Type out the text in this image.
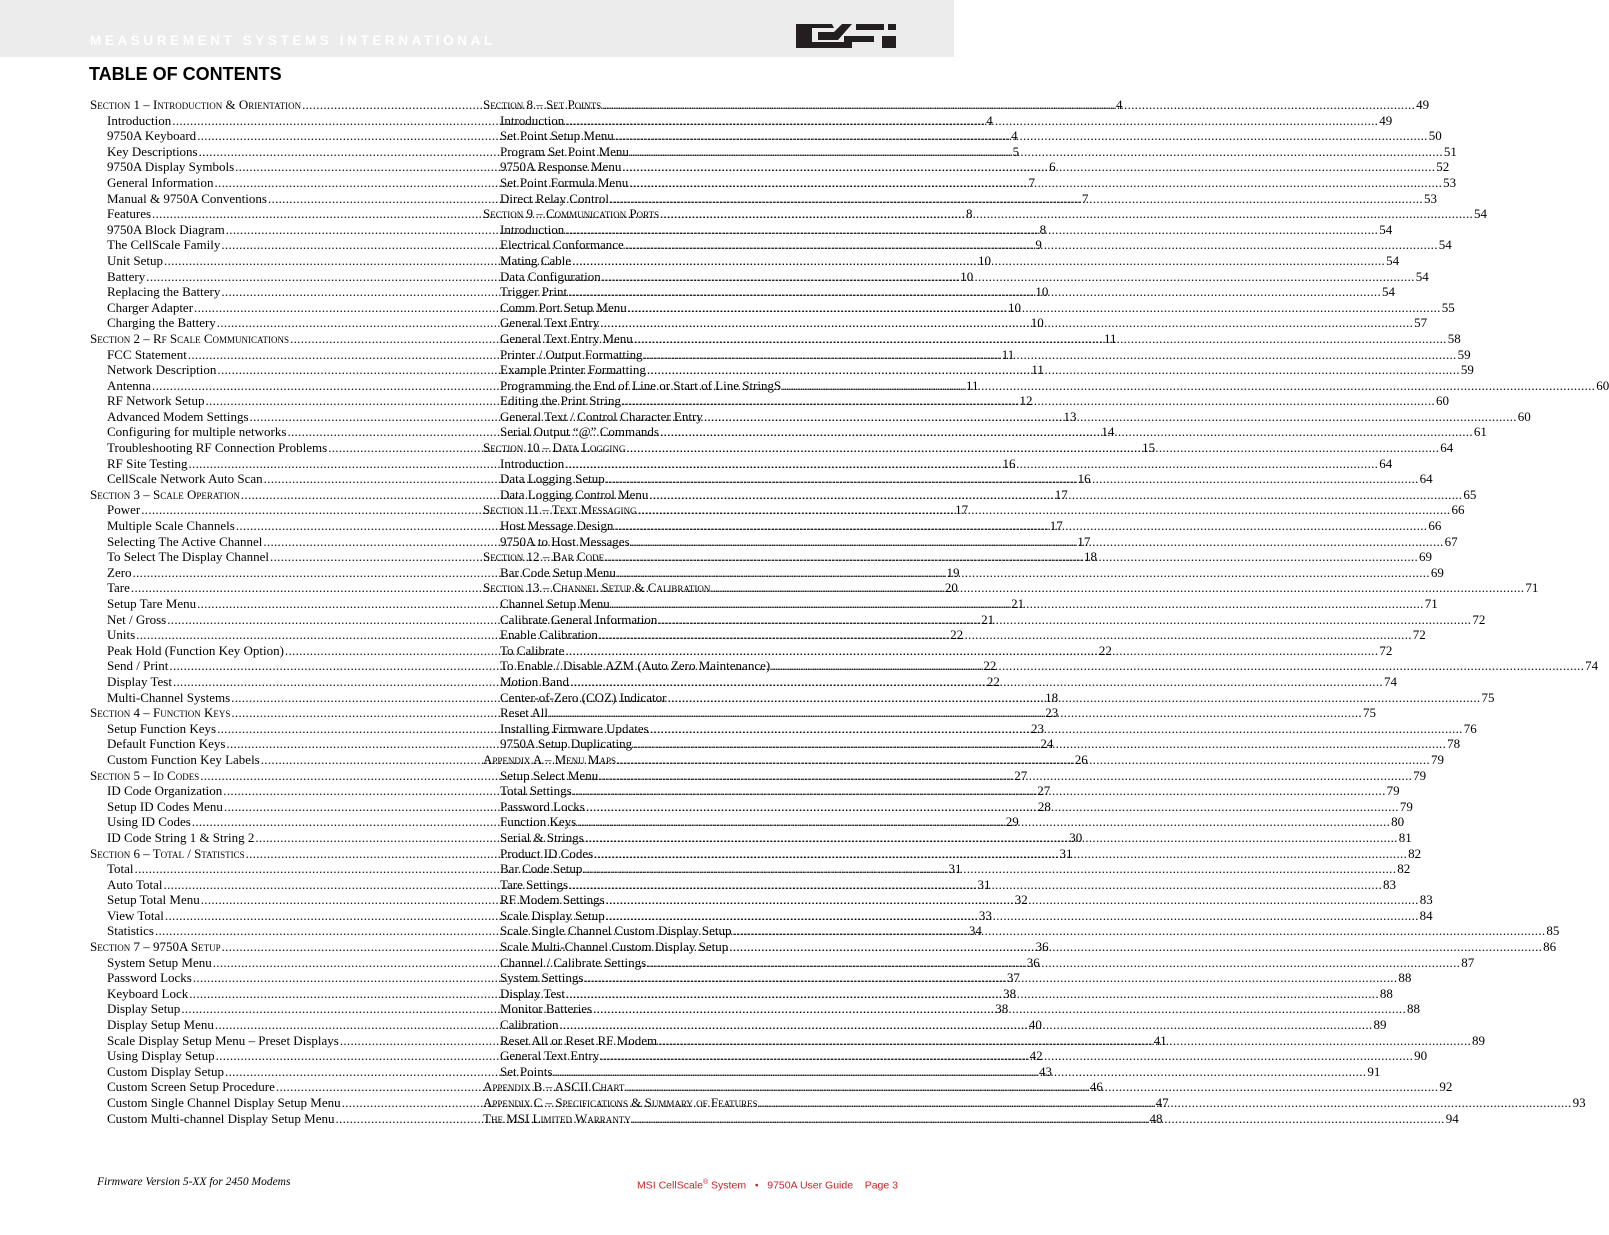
MEASUREMENT SYSTEMS INTERNATIONAL
TABLE OF CONTENTS
Section 1 – Introduction & Orientation .....	4
Introduction .....	4
9750A Keyboard .....	4
Key Descriptions .....	5
9750A Display Symbols .....	6
General Information .....	7
Manual & 9750A Conventions .....	7
Features .....	8
9750A Block Diagram .....	8
The CellScale Family .....	9
Unit Setup .....	10
Battery .....	10
Replacing the Battery .....	10
Charger Adapter .....	10
Charging the Battery .....	10
Section 2 – Rf Scale Communications .....	11
FCC Statement .....	11
Network Description .....	11
Antenna .....	11
RF Network Setup .....	12
Advanced Modem Settings .....	13
Configuring for multiple networks .....	14
Troubleshooting RF Connection Problems .....	15
RF Site Testing .....	16
CellScale Network Auto Scan .....	16
Section 3 – Scale Operation .....	17
Power .....	17
Multiple Scale Channels .....	17
Selecting The Active Channel .....	17
To Select The Display Channel .....	18
Zero .....	19
Tare .....	20
Setup Tare Menu .....	21
Net / Gross .....	21
Units .....	22
Peak Hold (Function Key Option) .....	22
Send / Print .....	22
Display Test .....	22
Multi-Channel Systems .....	18
Section 4 – Function Keys .....	23
Setup Function Keys .....	23
Default Function Keys .....	24
Custom Function Key Labels .....	26
Section 5 – Id Codes .....	27
ID Code Organization .....	27
Setup ID Codes Menu .....	28
Using ID Codes .....	29
ID Code String 1 & String 2 .....	30
Section 6 – Total / Statistics .....	31
Total .....	31
Auto Total .....	31
Setup Total Menu .....	32
View Total .....	33
Statistics .....	34
Section 7 – 9750A Setup .....	36
System Setup Menu .....	36
Password Locks .....	37
Keyboard Lock .....	38
Display Setup .....	38
Display Setup Menu .....	40
Scale Display Setup Menu – Preset Displays .....	41
Using Display Setup .....	42
Custom Display Setup .....	43
Custom Screen Setup Procedure .....	46
Custom Single Channel Display Setup Menu .....	47
Custom Multi-channel Display Setup Menu .....	48
Section 8 – Set Points .....	49
Introduction .....	49
Set Point Setup Menu .....	50
Program Set Point Menu .....	51
9750A Response Menu .....	52
Set Point Formula Menu .....	53
Direct Relay Control .....	53
Section 9 – Communication Ports .....	54
Introduction .....	54
Electrical Conformance .....	54
Mating Cable .....	54
Data Configuration .....	54
Trigger Print .....	54
Comm Port Setup Menu .....	55
General Text Entry .....	57
General Text Entry Menu .....	58
Printer / Output Formatting .....	59
Example Printer Formatting .....	59
Programming the End of Line or Start of Line StringS .....	60
Editing the Print String .....	60
General Text / Control Character Entry .....	60
Serial Output “@” Commands .....	61
Section 10 – Data Logging .....	64
Introduction .....	64
Data Logging Setup .....	64
Data Logging Control Menu .....	65
Section 11 – Text Messaging .....	66
Host Message Design .....	66
9750A to Host Messages .....	67
Section 12 – Bar Code .....	69
Bar Code Setup Menu .....	69
Section 13 – Channel Setup & Calibration .....	71
Channel Setup Menu .....	71
Calibrate General Information .....	72
Enable Calibration .....	72
To Calibrate .....	72
To Enable / Disable AZM (Auto Zero Maintenance) .....	74
Motion Band .....	74
Center-of-Zero (COZ) Indicator .....	75
Reset All .....	75
Installing Firmware Updates .....	76
9750A Setup Duplicating .....	78
Appendix A – Menu Maps .....	79
Setup Select Menu .....	79
Total Settings .....	79
Password Locks .....	79
Function Keys .....	80
Serial & Strings .....	81
Product ID Codes .....	82
Bar Code Setup .....	82
Tare Settings .....	83
RF Modem Settings .....	83
Scale Display Setup .....	84
Scale Single Channel Custom Display Setup .....	85
Scale Multi-Channel Custom Display Setup .....	86
Channel / Calibrate Settings .....	87
System Settings .....	88
Display Test .....	88
Monitor Batteries .....	88
Calibration .....	89
Reset All or Reset RF Modem .....	89
General Text Entry .....	90
Set Points .....	91
Appendix B – ASCII Chart .....	92
Appendix C – Specifications & Summary of Features .....	93
The MSI Limited Warranty .....	94
Firmware Version 5-XX for 2450 Modems	MSI CellScale® System   •   9750A User Guide    Page 3
